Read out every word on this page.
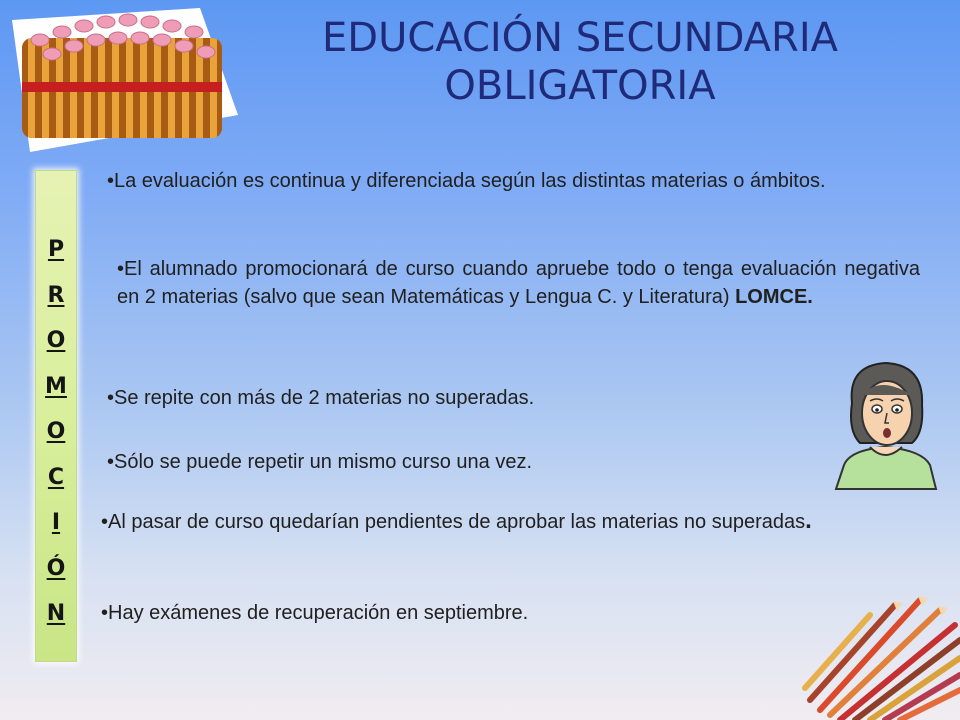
EDUCACIÓN SECUNDARIA
OBLIGATORIA
P
R
O
M
O
C
I
Ó
N
•La evaluación es continua y diferenciada según las distintas materias o ámbitos.
•El alumnado promocionará de curso cuando apruebe todo o tenga evaluación negativa en 2 materias (salvo que sean Matemáticas y Lengua C. y Literatura) LOMCE.
•Se repite con más de 2 materias no superadas.
•Sólo se puede repetir un mismo curso una vez.
•Al pasar de curso quedarían pendientes de aprobar las materias no superadas.
•Hay exámenes de recuperación en septiembre.
